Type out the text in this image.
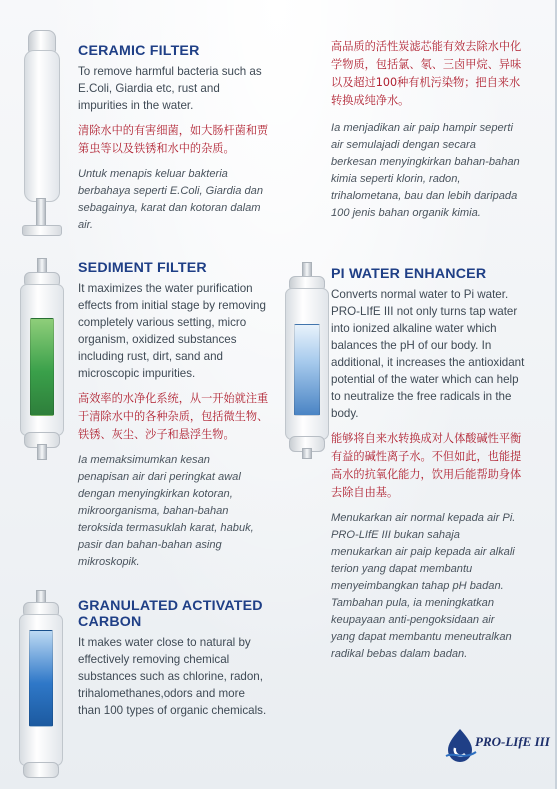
CERAMIC FILTER
To remove harmful bacteria such as E.Coli, Giardia etc, rust and impurities in the water.
清除水中的有害细菌，如大肠杆菌和贾第虫等以及铁锈和水中的杂质。
Untuk menapis keluar bakteria berbahaya seperti E.Coli, Giardia dan sebagainya, karat dan kotoran dalam air.
SEDIMENT FILTER
It maximizes the water purification effects from initial stage by removing completely various setting, micro organism, oxidized substances including rust, dirt, sand and microscopic impurities.
高效率的水净化系统，从一开始就注重于清除水中的各种杂质，包括微生物、铁锈、灰尘、沙子和悬浮生物。
Ia memaksimumkan kesan penapisan air dari peringkat awal dengan menyingkirkan kotoran, mikroorganisma, bahan-bahan teroksida termasuklah karat, habuk, pasir dan bahan-bahan asing mikroskopik.
GRANULATED ACTIVATED CARBON
It makes water close to natural by effectively removing chemical substances such as chlorine, radon, trihalomethanes,odors and more than 100 types of organic chemicals.
高品质的活性炭滤芯能有效去除水中化学物质，包括氯、氡、三卤甲烷、异味以及超过100种有机污染物；把自来水转换成纯净水。
Ia menjadikan air paip hampir seperti air semulajadi dengan secara berkesan menyingkirkan bahan-bahan kimia seperti klorin, radon, trihalometana, bau dan lebih daripada 100 jenis bahan organik kimia.
PI WATER ENHANCER
Converts normal water to Pi water. PRO-LIfE III not only turns tap water into ionized alkaline water which balances the pH of our body. In additional, it increases the antioxidant potential of the water which can help to neutralize the free radicals in the body.
能够将自来水转换成对人体酸碱性平衡有益的碱性离子水。不但如此，也能提高水的抗氧化能力，饮用后能帮助身体去除自由基。
Menukarkan air normal kepada air Pi. PRO-LIfE III bukan sahaja menukarkan air paip kepada air alkali terion yang dapat membantu menyeimbangkan tahap pH badan. Tambahan pula, ia meningkatkan keupayaan anti-pengoksidaan air yang dapat membantu meneutralkan radikal bebas dalam badan.
PRO-LIfE III
